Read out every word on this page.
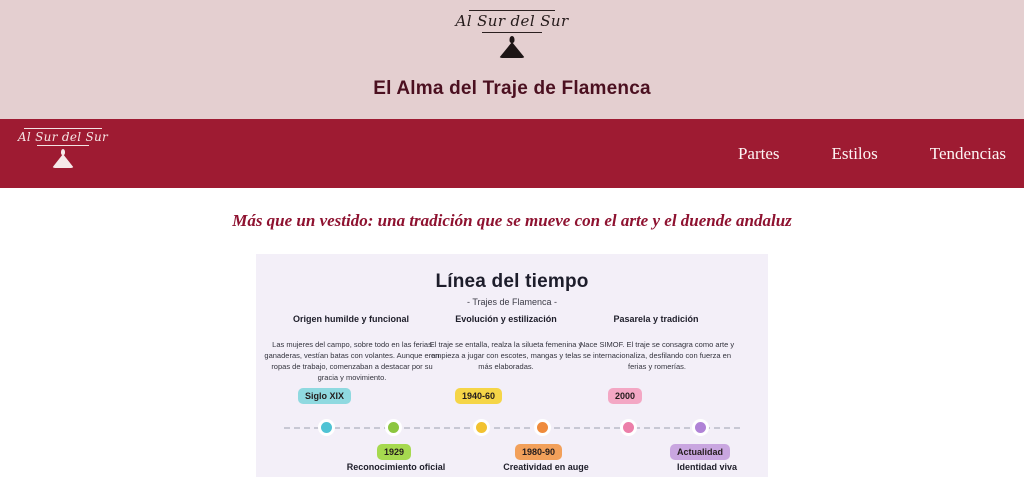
Al Sur del Sur
El Alma del Traje de Flamenca
Al Sur del Sur
Partes	Estilos	Tendencias
Más que un vestido: una tradición que se mueve con el arte y el duende andaluz
Línea del tiempo
- Trajes de Flamenca -
Origen humilde y funcional
Las mujeres del campo, sobre todo en las ferias ganaderas, vestían batas con volantes. Aunque eran ropas de trabajo, comenzaban a destacar por su gracia y movimiento.
Siglo XIX
1929
Reconocimiento oficial
Evolución y estilización
El traje se entalla, realza la silueta femenina y empieza a jugar con escotes, mangas y telas más elaboradas.
1940-60
1980-90
Creatividad en auge
Pasarela y tradición
Nace SIMOF. El traje se consagra como arte y se internacionaliza, desfilando con fuerza en ferias y romerías.
2000
Actualidad
Identidad viva
